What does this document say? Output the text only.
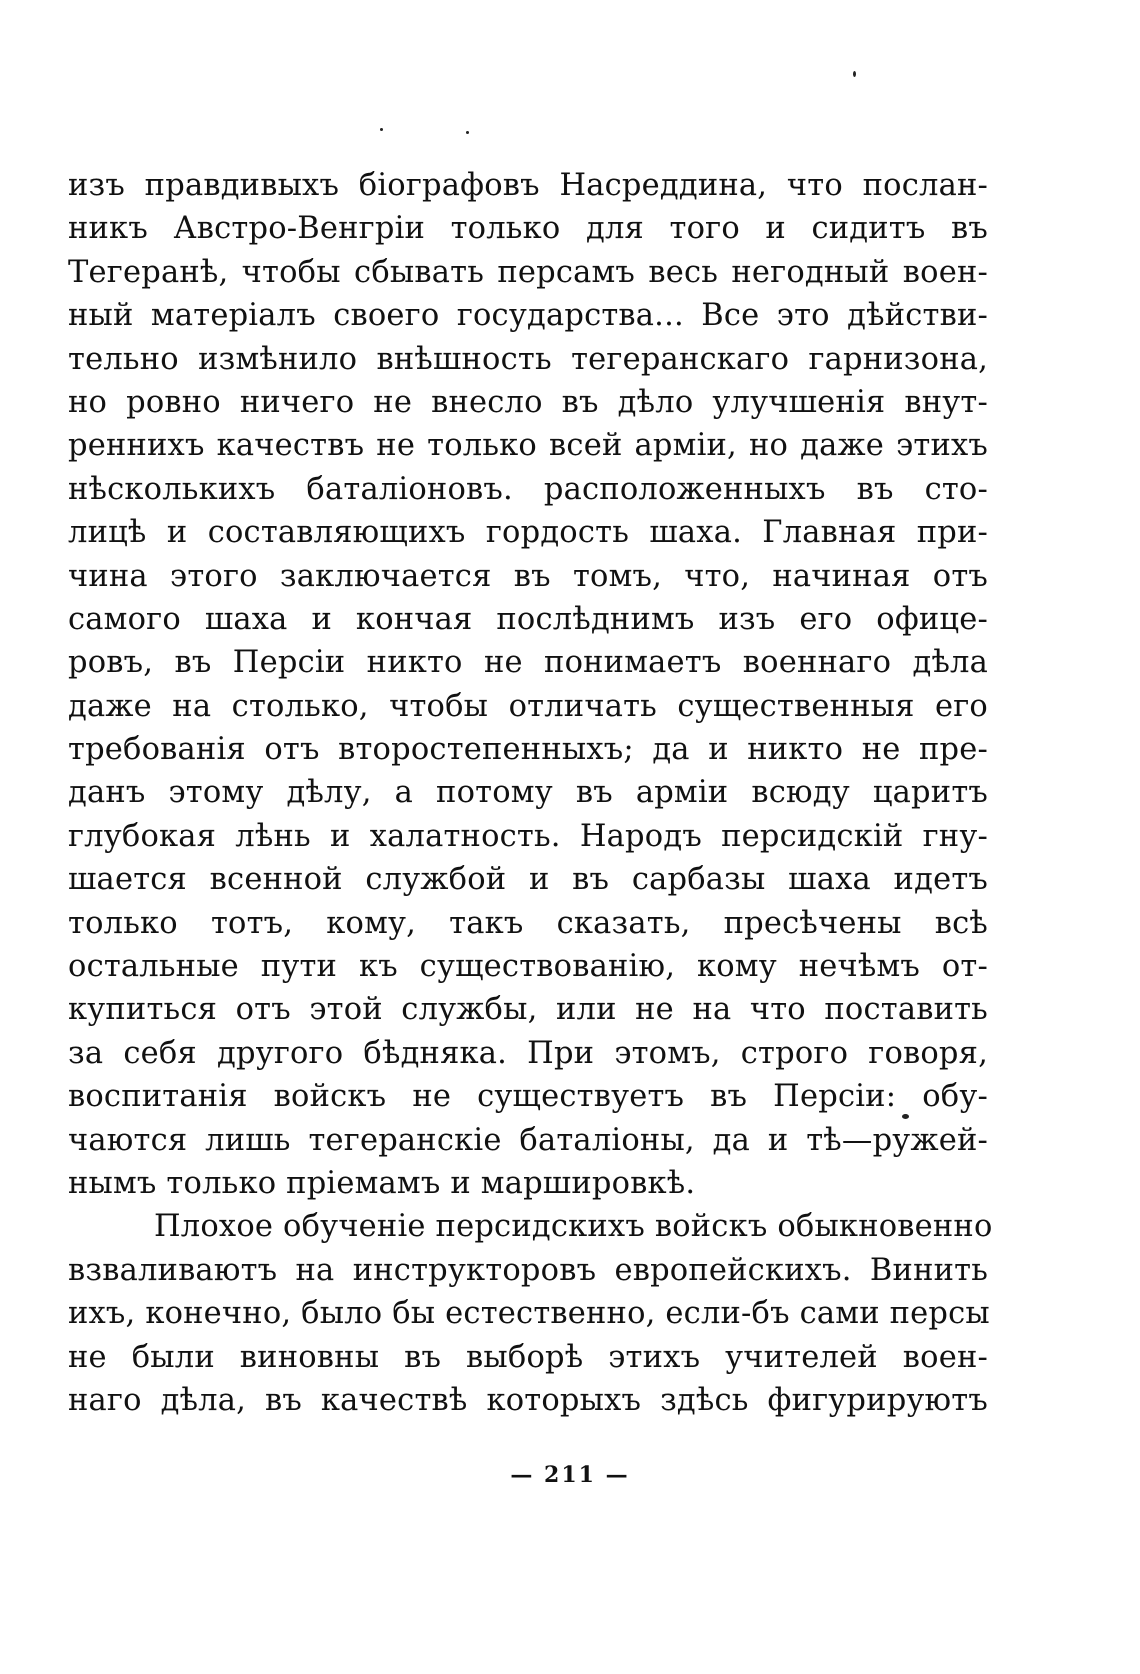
изъ правдивыхъ біографовъ Насреддина, что послан-
никъ Австро-Венгріи только для того и сидитъ въ
Тегеранѣ, чтобы сбывать персамъ весь негодный воен-
ный матеріалъ своего государства... Все это дѣйстви-
тельно измѣнило внѣшность тегеранскаго гарнизона,
но ровно ничего не внесло въ дѣло улучшенія внут-
реннихъ качествъ не только всей арміи, но даже этихъ
нѣсколькихъ баталіоновъ. расположенныхъ въ сто-
лицѣ и составляющихъ гордость шаха. Главная при-
чина этого заключается въ томъ, что, начиная отъ
самого шаха и кончая послѣднимъ изъ его офице-
ровъ, въ Персіи никто не понимаетъ военнаго дѣла
даже на столько, чтобы отличать существенныя его
требованія отъ второстепенныхъ; да и никто не пре-
данъ этому дѣлу, а потому въ арміи всюду царитъ
глубокая лѣнь и халатность. Народъ персидскій гну-
шается всенной службой и въ сарбазы шаха идетъ
только тотъ, кому, такъ сказать, пресѣчены всѣ
остальные пути къ существованію, кому нечѣмъ от-
купиться отъ этой службы, или не на что поставить
за себя другого бѣдняка. При этомъ, строго говоря,
воспитанія войскъ не существуетъ въ Персіи: обу-
чаются лишь тегеранскіе баталіоны, да и тѣ—ружей-
нымъ только пріемамъ и маршировкѣ.
Плохое обученіе персидскихъ войскъ обыкновенно
взваливаютъ на инструкторовъ европейскихъ. Винить
ихъ, конечно, было бы естественно, если-бъ сами персы
не были виновны въ выборѣ этихъ учителей воен-
наго дѣла, въ качествѣ которыхъ здѣсь фигурируютъ
— 211 —
